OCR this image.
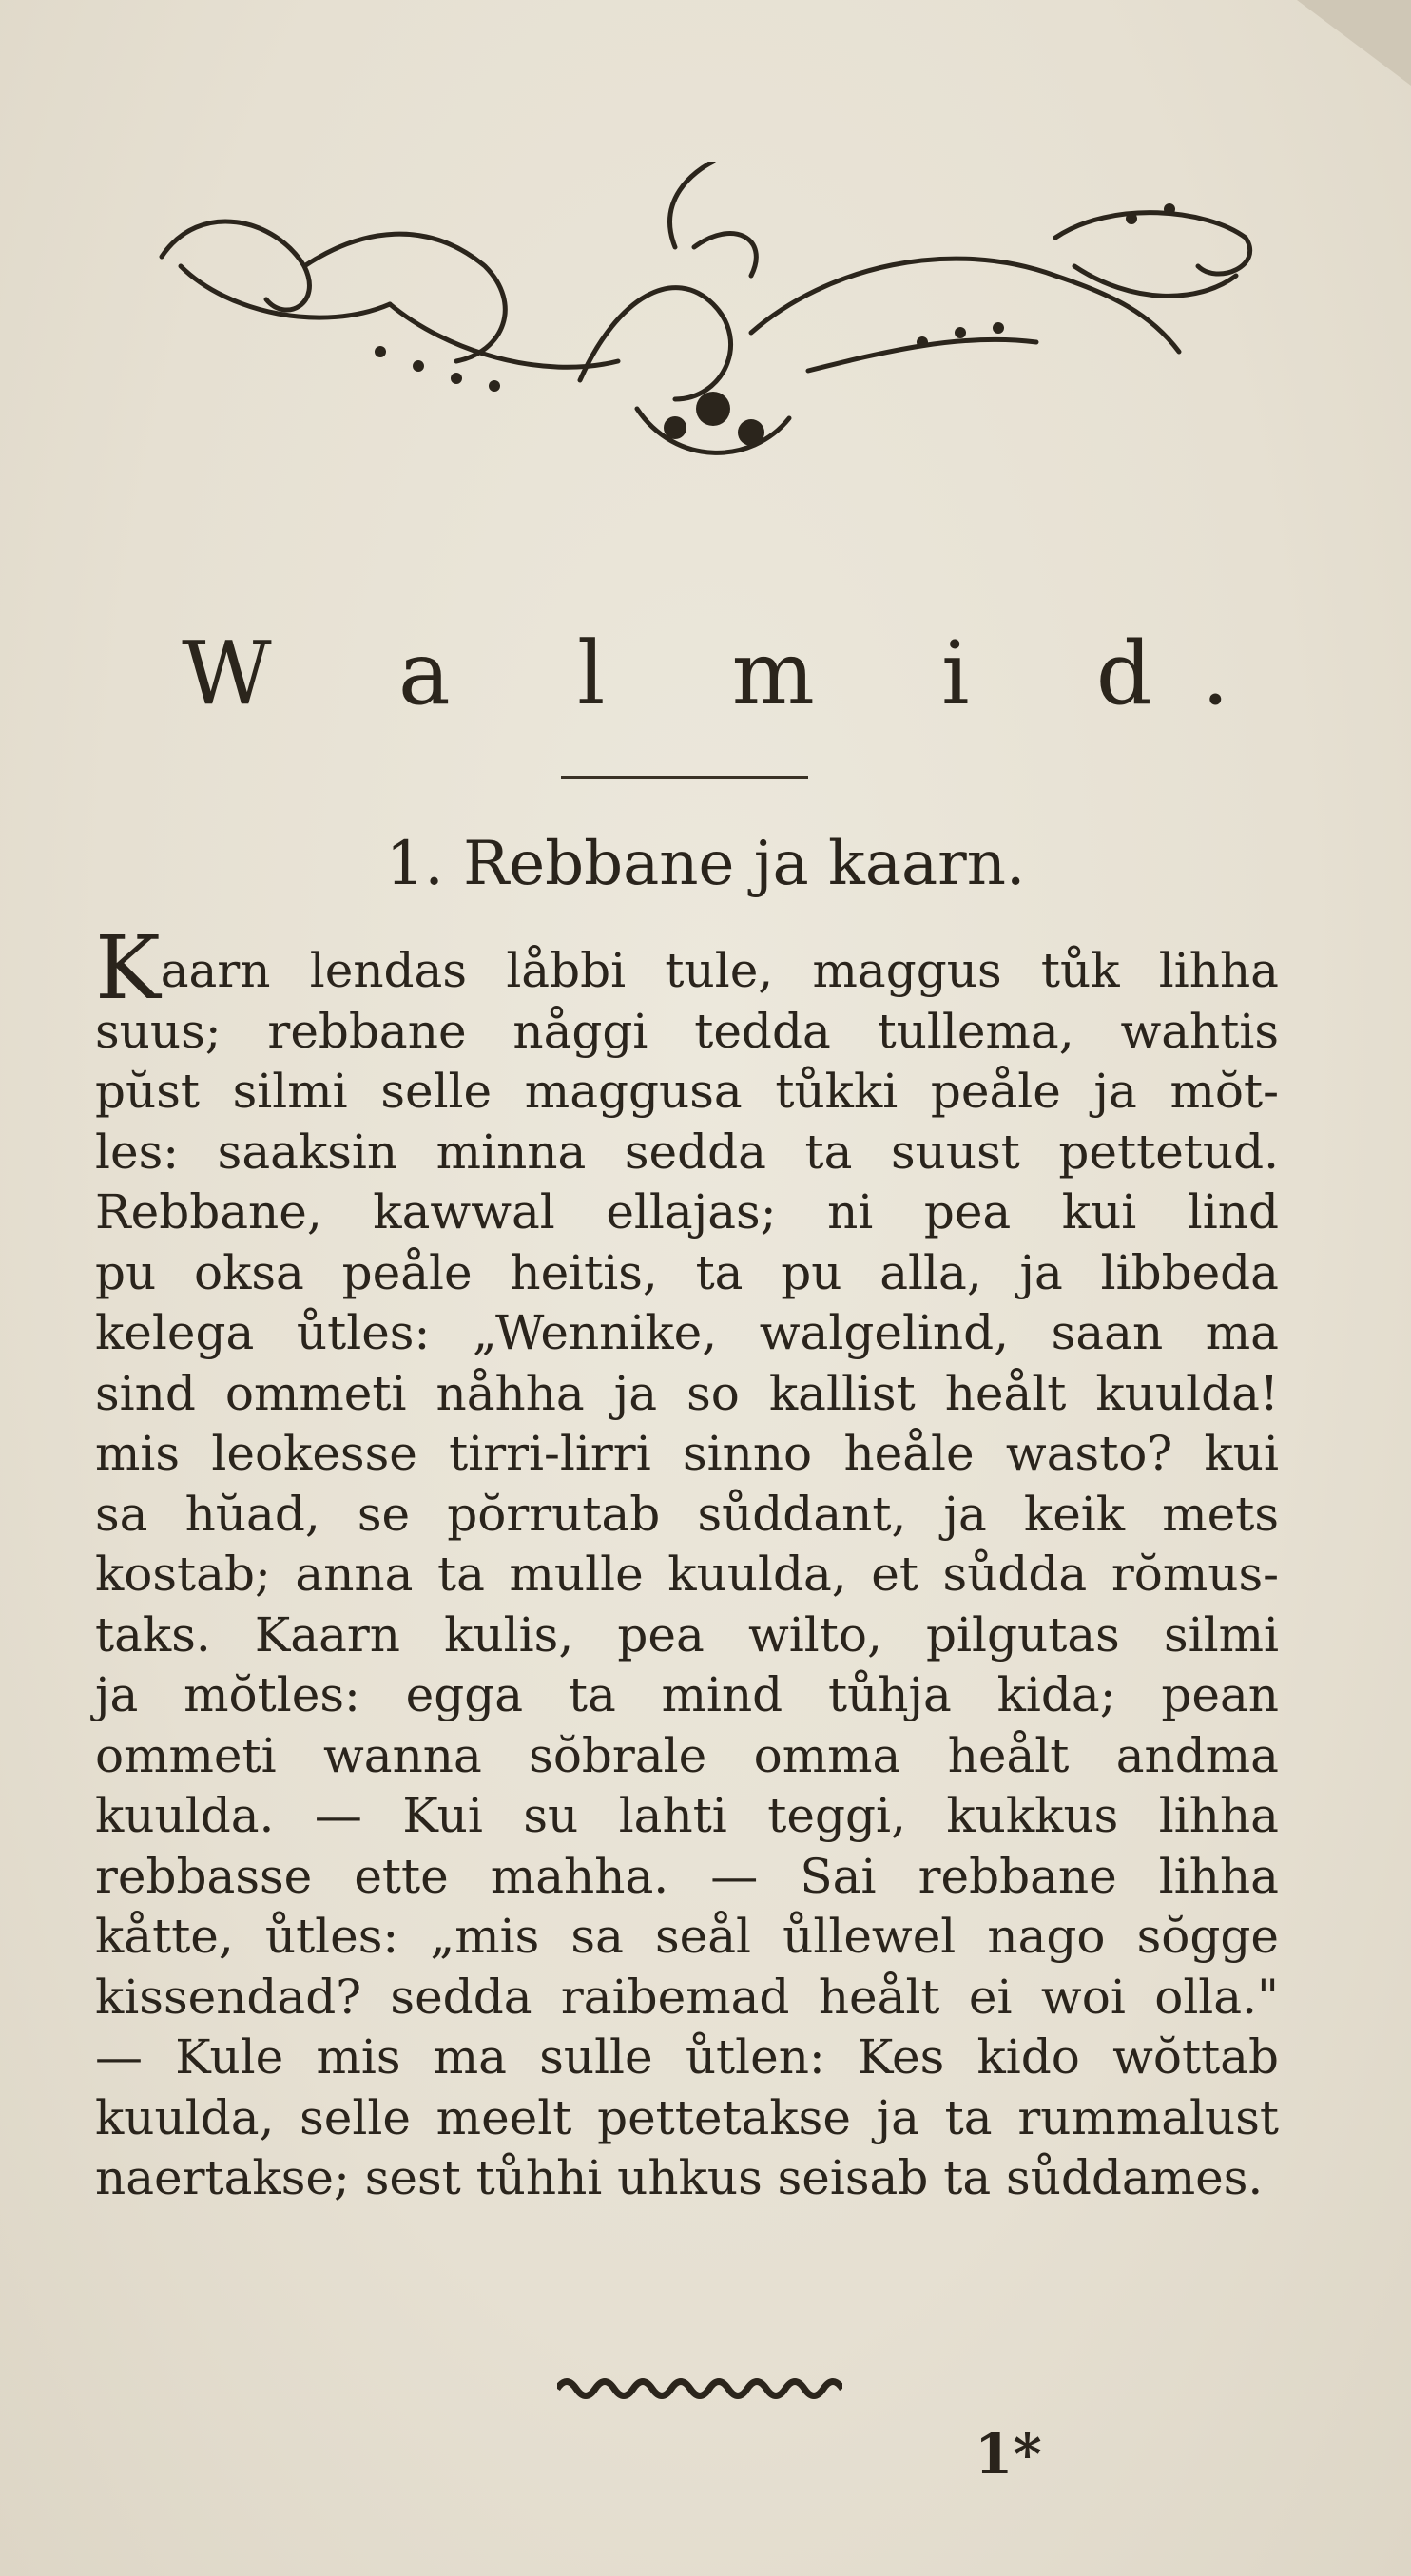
W a l m i d.
1. Rebbane ja kaarn.
Kaarn lendas låbbi tule, maggus tůk lihha
suus; rebbane någgi tedda tullema, wahtis
pŭst silmi selle maggusa tůkki peåle ja mŏt-
les: saaksin minna sedda ta suust pettetud.
Rebbane, kawwal ellajas; ni pea kui lind
pu oksa peåle heitis, ta pu alla, ja libbeda
kelega ůtles: „Wennike, walgelind, saan ma
sind ommeti nåhha ja so kallist heålt kuulda!
mis leokesse tirri-lirri sinno heåle wasto? kui
sa hŭad, se pŏrrutab sůddant, ja keik mets
kostab; anna ta mulle kuulda, et sůdda rŏmus-
taks. Kaarn kulis, pea wilto, pilgutas silmi
ja mŏtles: egga ta mind tůhja kida; pean
ommeti wanna sŏbrale omma heålt andma
kuulda. — Kui su lahti teggi, kukkus lihha
rebbasse ette mahha. — Sai rebbane lihha
kåtte, ůtles: „mis sa seål ůllewel nago sŏgge
kissendad? sedda raibemad heålt ei woi olla."
— Kule mis ma sulle ůtlen: Kes kido wŏttab
kuulda, selle meelt pettetakse ja ta rummalust
naertakse; sest tůhhi uhkus seisab ta sůddames.
1*
